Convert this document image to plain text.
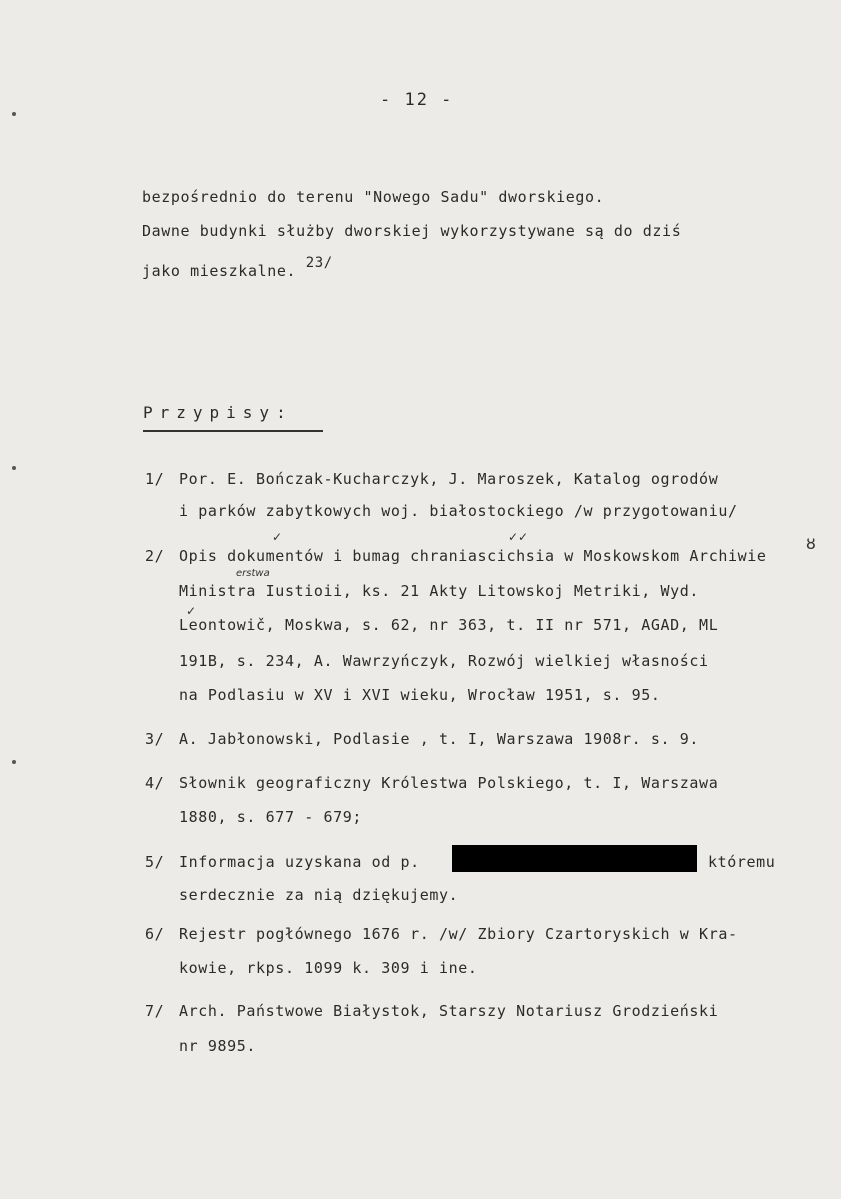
- 12 -
bezpośrednio do terenu "Nowego Sadu" dworskiego.
Dawne budynki służby dworskiej wykorzystywane są do dziś
jako mieszkalne. 23/
Przypisy:
1/ Por. E. Bończak-Kucharczyk, J. Maroszek, Katalog ogrodów
i parków zabytkowych woj. białostockiego /w przygotowaniu/
✓	✓✓	ȣ
2/ Opis dokumentów i bumag chraniascichsia w Moskowskom Archiwie
erstwa
Ministra Iustioii, ks. 21 Akty Litowskoj Metriki, Wyd.
✓
Leontowič, Moskwa, s. 62, nr 363, t. II nr 571, AGAD, ML
191B, s. 234, A. Wawrzyńczyk, Rozwój wielkiej własności
na Podlasiu w XV i XVI wieku, Wrocław 1951, s. 95.
3/ A. Jabłonowski, Podlasie , t. I, Warszawa 1908r. s. 9.
4/ Słownik geograficzny Królestwa Polskiego, t. I, Warszawa
1880, s. 677 - 679;
5/ Informacja uzyskana od p.	któremu
serdecznie za nią dziękujemy.
6/ Rejestr pogłównego 1676 r. /w/ Zbiory Czartoryskich w Kra-
kowie, rkps. 1099 k. 309 i ine.
7/ Arch. Państwowe Białystok, Starszy Notariusz Grodzieński
nr 9895.
